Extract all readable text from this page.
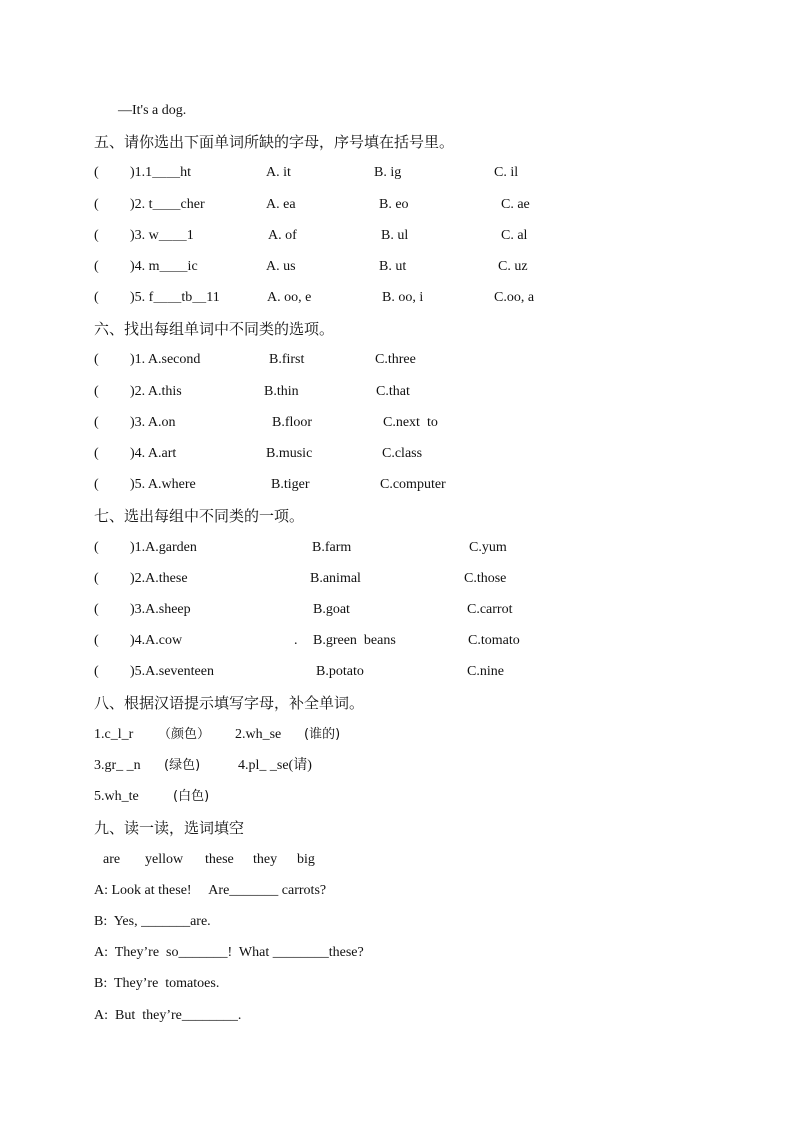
—It's a dog.
五、请你选出下面单词所缺的字母，序号填在括号里。
( )1.1＿＿ht	A. it	B. ig	C. il
( )2. t＿＿cher	A. ea	B. eo	C. ae
( )3. w＿＿1	A. of	B. ul	C. al
( )4. m＿＿ic	A. us	B. ut	C. uz
( )5. f＿＿tb＿11	A. oo, e	B. oo, i	C.oo, a
六、找出每组单词中不同类的选项。
( )1. A.second	B.first	C.three
( )2. A.this	B.thin	C.that
( )3. A.on	B.floor	C.next  to
( )4. A.art	B.music	C.class
( )5. A.where	B.tiger	C.computer
七、选出每组中不同类的一项。
( )1.A.garden	B.farm	C.yum
( )2.A.these	B.animal	C.those
( )3.A.sheep	B.goat	C.carrot
( )4.A.cow	. B.green  beans	C.tomato
( )5.A.seventeen	B.potato	C.nine
八、根据汉语提示填写字母，补全单词。
1.c_l_r （颜色） 2.wh_se (谁的)
3.gr_ _n (绿色)	4.pl_ _se(请)
5.wh_te	(白色)
九、读一读，选词填空
are yellow these they big
A: Look at these!     Are_______ carrots?
B:  Yes, _______are.
A:  They’re  so_______!  What ________these?
B:  They’re  tomatoes.
A:  But  they’re________.
